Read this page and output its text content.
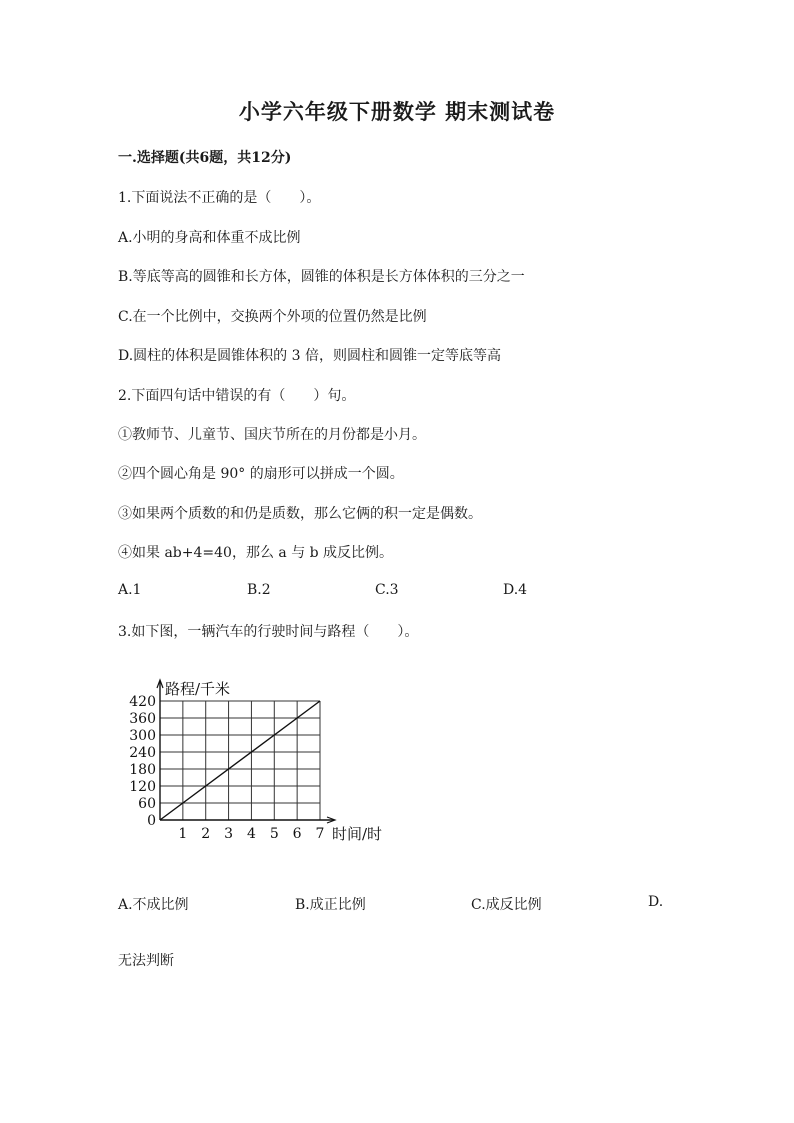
小学六年级下册数学 期末测试卷
一.选择题(共6题，共12分)
1.下面说法不正确的是（　　）。
A.小明的身高和体重不成比例
B.等底等高的圆锥和长方体，圆锥的体积是长方体体积的三分之一
C.在一个比例中，交换两个外项的位置仍然是比例
D.圆柱的体积是圆锥体积的 3 倍，则圆柱和圆锥一定等底等高
2.下面四句话中错误的有（　　）句。
①教师节、儿童节、国庆节所在的月份都是小月。
②四个圆心角是 90° 的扇形可以拼成一个圆。
③如果两个质数的和仍是质数，那么它俩的积一定是偶数。
④如果 ab+4=40，那么 a 与 b 成反比例。
A.1	B.2	C.3	D.4
3.如下图，一辆汽车的行驶时间与路程（　　）。
1 2 3 4 5 6 7
60
120
180
240
300
360
420
0
路程/千米
时间/时
A.不成比例	B.成正比例	C.成反比例	D.
无法判断
